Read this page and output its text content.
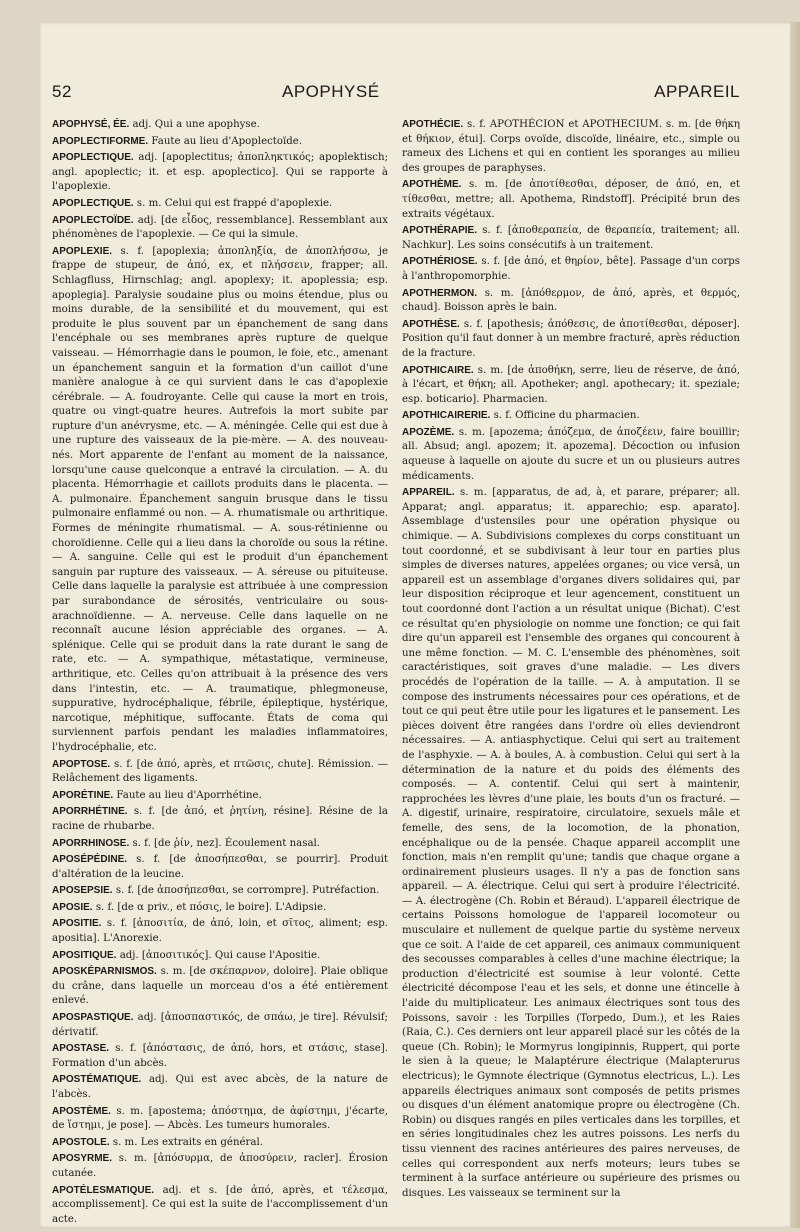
52	APOPHYSÉ	APPAREIL

APOPHYSÉ, ÉE. adj. Qui a une apophyse.

APOPLECTIFORME. Faute au lieu d'Apoplectoïde.

APOPLECTIQUE. adj. [apoplectitus; ἀποπληκτικός; apoplektisch; angl. apoplectic; it. et esp. apoplectico]. Qui se rapporte à l'apoplexie.

APOPLECTIQUE. s. m. Celui qui est frappé d'apoplexie.

APOPLECTOÏDE. adj. [de εἶδος, ressemblance]. Ressemblant aux phénomènes de l'apoplexie. — Ce qui la simule.

APOPLEXIE. s. f. [apoplexia; ἀποπληξία, de ἀποπλήσσω, je frappe de stupeur, de ἀπό, ex, et πλήσσειν, frapper; all. Schlagfluss, Hirnschlag; angl. apoplexy; it. apoplessia; esp. apoplegia]. Paralysie soudaine plus ou moins étendue, plus ou moins durable, de la sensibilité et du mouvement, qui est produite le plus souvent par un épanchement de sang dans l'encéphale ou ses membranes après rupture de quelque vaisseau. — Hémorrhagie dans le poumon, le foie, etc., amenant un épanchement sanguin et la formation d'un caillot d'une manière analogue à ce qui survient dans le cas d'apoplexie cérébrale. — A. foudroyante. Celle qui cause la mort en trois, quatre ou vingt-quatre heures. Autrefois la mort subite par rupture d'un anévrysme, etc. — A. méningée. Celle qui est due à une rupture des vaisseaux de la pie-mère. — A. des nouveau-nés. Mort apparente de l'enfant au moment de la naissance, lorsqu'une cause quelconque a entravé la circulation. — A. du placenta. Hémorrhagie et caillots produits dans le placenta. — A. pulmonaire. Épanchement sanguin brusque dans le tissu pulmonaire enflammé ou non. — A. rhumatismale ou arthritique. Formes de méningite rhumatismal. — A. sous-rétinienne ou choroïdienne. Celle qui a lieu dans la choroïde ou sous la rétine. — A. sanguine. Celle qui est le produit d'un épanchement sanguin par rupture des vaisseaux. — A. séreuse ou pituiteuse. Celle dans laquelle la paralysie est attribuée à une compression par surabondance de sérosités, ventriculaire ou sous-arachnoïdienne. — A. nerveuse. Celle dans laquelle on ne reconnaît aucune lésion appréciable des organes. — A. splénique. Celle qui se produit dans la rate durant le sang de rate, etc. — A. sympathique, métastatique, vermineuse, arthritique, etc. Celles qu'on attribuait à la présence des vers dans l'intestin, etc. — A. traumatique, phlegmoneuse, suppurative, hydrocéphalique, fébrile, épileptique, hystérique, narcotique, méphitique, suffocante. États de coma qui surviennent parfois pendant les maladies inflammatoires, l'hydrocéphalie, etc.

APOPTOSE. s. f. [de ἀπό, après, et πτῶσις, chute]. Rémission. — Relâchement des ligaments.

APORÉTINE. Faute au lieu d'Aporrhétine.

APORRHÉTINE. s. f. [de ἀπό, et ῥητίνη, résine]. Résine de la racine de rhubarbe.

APORRHINOSE. s. f. [de ῥίν, nez]. Écoulement nasal.

APOSÉPÉDINE. s. f. [de ἀποσήπεσθαι, se pourrir]. Produit d'altération de la leucine.

APOSEPSIE. s. f. [de ἀποσήπεσθαι, se corrompre]. Putréfaction.

APOSIE. s. f. [de α priv., et πόσις, le boire]. L'Adipsie.

APOSITIE. s. f. [ἀποσιτία, de ἀπό, loin, et σῖτος, aliment; esp. apositia]. L'Anorexie.

APOSITIQUE. adj. [ἀποσιτικός]. Qui cause l'Apositie.

APOSKÉPARNISMOS. s. m. [de σκέπαρνον, doloire]. Plaie oblique du crâne, dans laquelle un morceau d'os a été entièrement enlevé.

APOSPASTIQUE. adj. [ἀποσπαστικός, de σπάω, je tire]. Révulsif; dérivatif.

APOSTASE. s. f. [ἀπόστασις, de ἀπό, hors, et στάσις, stase]. Formation d'un abcès.

APOSTÉMATIQUE. adj. Qui est avec abcès, de la nature de l'abcès.

APOSTÈME. s. m. [apostema; ἀπόστημα, de ἀφίστημι, j'écarte, de ἵστημι, je pose]. — Abcès. Les tumeurs humorales.

APOSTOLE. s. m. Les extraits en général.

APOSYRME. s. m. [ἀπόσυρμα, de ἀποσύρειν, racler]. Érosion cutanée.

APOTÉLESMATIQUE. adj. et s. [de ἀπό, après, et τέλεσμα, accomplissement]. Ce qui est la suite de l'accomplissement d'un acte.

APOTHÉCIE. s. f. APOTHÉCION et APOTHECIUM. s. m. [de θήκη et θήκιον, étui]. Corps ovoïde, discoïde, linéaire, etc., simple ou rameux des Lichens et qui en contient les sporanges au milieu des groupes de paraphyses.

APOTHÈME. s. m. [de ἀποτίθεσθαι, déposer, de ἀπό, en, et τίθεσθαι, mettre; all. Apothema, Rindstoff]. Précipité brun des extraits végétaux.

APOTHÉRAPIE. s. f. [ἀποθεραπεία, de θεραπεία, traitement; all. Nachkur]. Les soins consécutifs à un traitement.

APOTHÉRIOSE. s. f. [de ἀπό, et θηρίον, bête]. Passage d'un corps à l'anthropomorphie.

APOTHERMON. s. m. [ἀπόθερμον, de ἀπό, après, et θερμός, chaud]. Boisson après le bain.

APOTHÈSE. s. f. [apothesis; ἀπόθεσις, de ἀποτίθεσθαι, déposer]. Position qu'il faut donner à un membre fracturé, après réduction de la fracture.

APOTHICAIRE. s. m. [de ἀποθήκη, serre, lieu de réserve, de ἀπό, à l'écart, et θήκη; all. Apotheker; angl. apothecary; it. speziale; esp. boticario]. Pharmacien.

APOTHICAIRERIE. s. f. Officine du pharmacien.

APOZÈME. s. m. [apozema; ἀπόζεμα, de ἀποζέειν, faire bouillir; all. Absud; angl. apozem; it. apozema]. Décoction ou infusion aqueuse à laquelle on ajoute du sucre et un ou plusieurs autres médicaments.

APPAREIL. s. m. [apparatus, de ad, à, et parare, préparer; all. Apparat; angl. apparatus; it. apparechio; esp. aparato]. Assemblage d'ustensiles pour une opération physique ou chimique. — A. Subdivisions complexes du corps constituant un tout coordonné, et se subdivisant à leur tour en parties plus simples de diverses natures, appelées organes; ou vice versâ, un appareil est un assemblage d'organes divers solidaires qui, par leur disposition réciproque et leur agencement, constituent un tout coordonné dont l'action a un résultat unique (Bichat). C'est ce résultat qu'en physiologie on nomme une fonction; ce qui fait dire qu'un appareil est l'ensemble des organes qui concourent à une même fonction. — M. C. L'ensemble des phénomènes, soit caractéristiques, soit graves d'une maladie. — Les divers procédés de l'opération de la taille. — A. à amputation. Il se compose des instruments nécessaires pour ces opérations, et de tout ce qui peut être utile pour les ligatures et le pansement. Les pièces doivent être rangées dans l'ordre où elles deviendront nécessaires. — A. antiasphyctique. Celui qui sert au traitement de l'asphyxie. — A. à boules, A. à combustion. Celui qui sert à la détermination de la nature et du poids des éléments des composés. — A. contentif. Celui qui sert à maintenir, rapprochées les lèvres d'une plaie, les bouts d'un os fracturé. — A. digestif, urinaire, respiratoire, circulatoire, sexuels mâle et femelle, des sens, de la locomotion, de la phonation, encéphalique ou de la pensée. Chaque appareil accomplit une fonction, mais n'en remplit qu'une; tandis que chaque organe a ordinairement plusieurs usages. Il n'y a pas de fonction sans appareil. — A. électrique. Celui qui sert à produire l'électricité. — A. électrogène (Ch. Robin et Béraud). L'appareil électrique de certains Poissons homologue de l'appareil locomoteur ou musculaire et nullement de quelque partie du système nerveux que ce soit. A l'aide de cet appareil, ces animaux communiquent des secousses comparables à celles d'une machine électrique; la production d'électricité est soumise à leur volonté. Cette électricité décompose l'eau et les sels, et donne une étincelle à l'aide du multiplicateur. Les animaux électriques sont tous des Poissons, savoir : les Torpilles (Torpedo, Dum.), et les Raies (Raia, C.). Ces derniers ont leur appareil placé sur les côtés de la queue (Ch. Robin); le Mormyrus longipinnis, Ruppert, qui porte le sien à la queue; le Malaptérure électrique (Malapterurus electricus); le Gymnote électrique (Gymnotus electricus, L.). Les appareils électriques animaux sont composés de petits prismes ou disques d'un élément anatomique propre ou électrogène (Ch. Robin) ou disques rangés en piles verticales dans les torpilles, et en séries longitudinales chez les autres poissons. Les nerfs du tissu viennent des racines antérieures des paires nerveuses, de celles qui correspondent aux nerfs moteurs; leurs tubes se terminent à la surface antérieure ou supérieure des prismes ou disques. Les vaisseaux se terminent sur la
